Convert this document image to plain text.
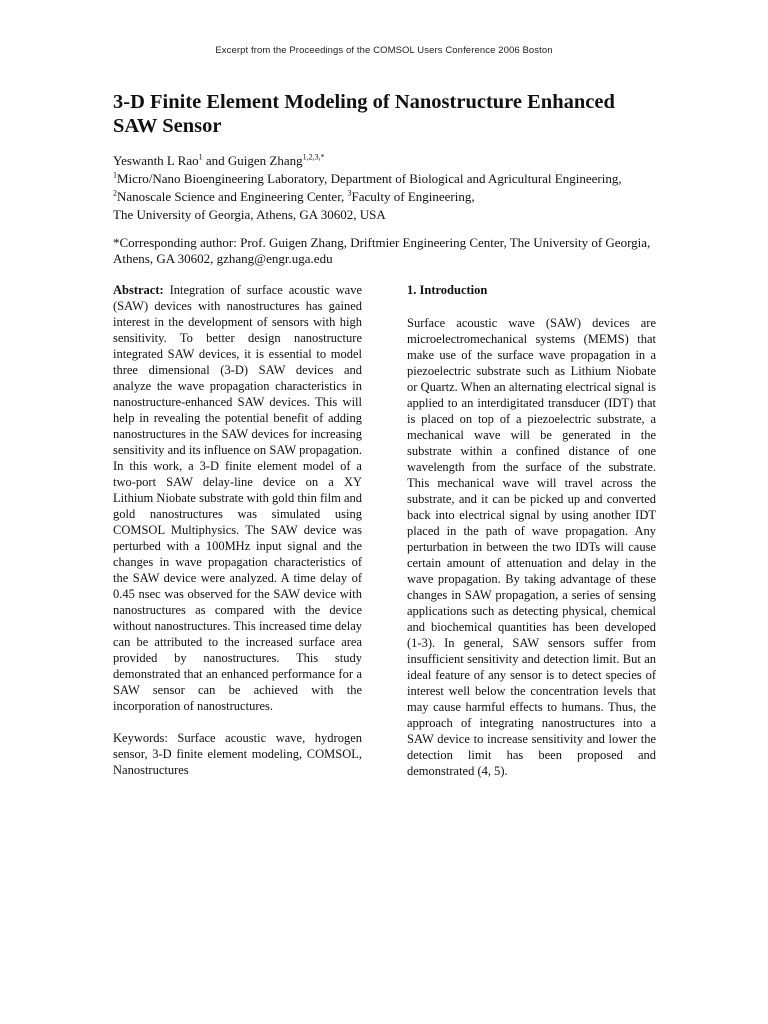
Excerpt from the Proceedings of the COMSOL Users Conference 2006 Boston
3-D Finite Element Modeling of Nanostructure Enhanced
SAW Sensor
Yeswanth L Rao$^1$ and Guigen Zhang$^{1,2,3,*}$
$^1$Micro/Nano Bioengineering Laboratory, Department of Biological and Agricultural Engineering,
$^2$Nanoscale Science and Engineering Center, $^3$Faculty of Engineering,
The University of Georgia, Athens, GA 30602, USA
*Corresponding author: Prof. Guigen Zhang, Driftmier Engineering Center, The University of Georgia, Athens, GA 30602, gzhang@engr.uga.edu

Abstract: Integration of surface acoustic wave (SAW) devices with nanostructures has gained interest in the development of sensors with high sensitivity. To better design nanostructure integrated SAW devices, it is essential to model three dimensional (3-D) SAW devices and analyze the wave propagation characteristics in nanostructure-enhanced SAW devices. This will help in revealing the potential benefit of adding nanostructures in the SAW devices for increasing sensitivity and its influence on SAW propagation. In this work, a 3-D finite element model of a two-port SAW delay-line device on a XY Lithium Niobate substrate with gold thin film and gold nanostructures was simulated using COMSOL Multiphysics. The SAW device was perturbed with a 100MHz input signal and the changes in wave propagation characteristics of the SAW device were analyzed. A time delay of 0.45 nsec was observed for the SAW device with nanostructures as compared with the device without nanostructures. This increased time delay can be attributed to the increased surface area provided by nanostructures. This study demonstrated that an enhanced performance for a SAW sensor can be achieved with the incorporation of nanostructures.

Keywords: Surface acoustic wave, hydrogen sensor, 3-D finite element modeling, COMSOL, Nanostructures

1. Introduction

Surface acoustic wave (SAW) devices are microelectromechanical systems (MEMS) that make use of the surface wave propagation in a piezoelectric substrate such as Lithium Niobate or Quartz. When an alternating electrical signal is applied to an interdigitated transducer (IDT) that is placed on top of a piezoelectric substrate, a mechanical wave will be generated in the substrate within a confined distance of one wavelength from the surface of the substrate. This mechanical wave will travel across the substrate, and it can be picked up and converted back into electrical signal by using another IDT placed in the path of wave propagation. Any perturbation in between the two IDTs will cause certain amount of attenuation and delay in the wave propagation. By taking advantage of these changes in SAW propagation, a series of sensing applications such as detecting physical, chemical and biochemical quantities has been developed (1-3). In general, SAW sensors suffer from insufficient sensitivity and detection limit. But an ideal feature of any sensor is to detect species of interest well below the concentration levels that may cause harmful effects to humans. Thus, the approach of integrating nanostructures into a SAW device to increase sensitivity and lower the detection limit has been proposed and demonstrated (4, 5).
